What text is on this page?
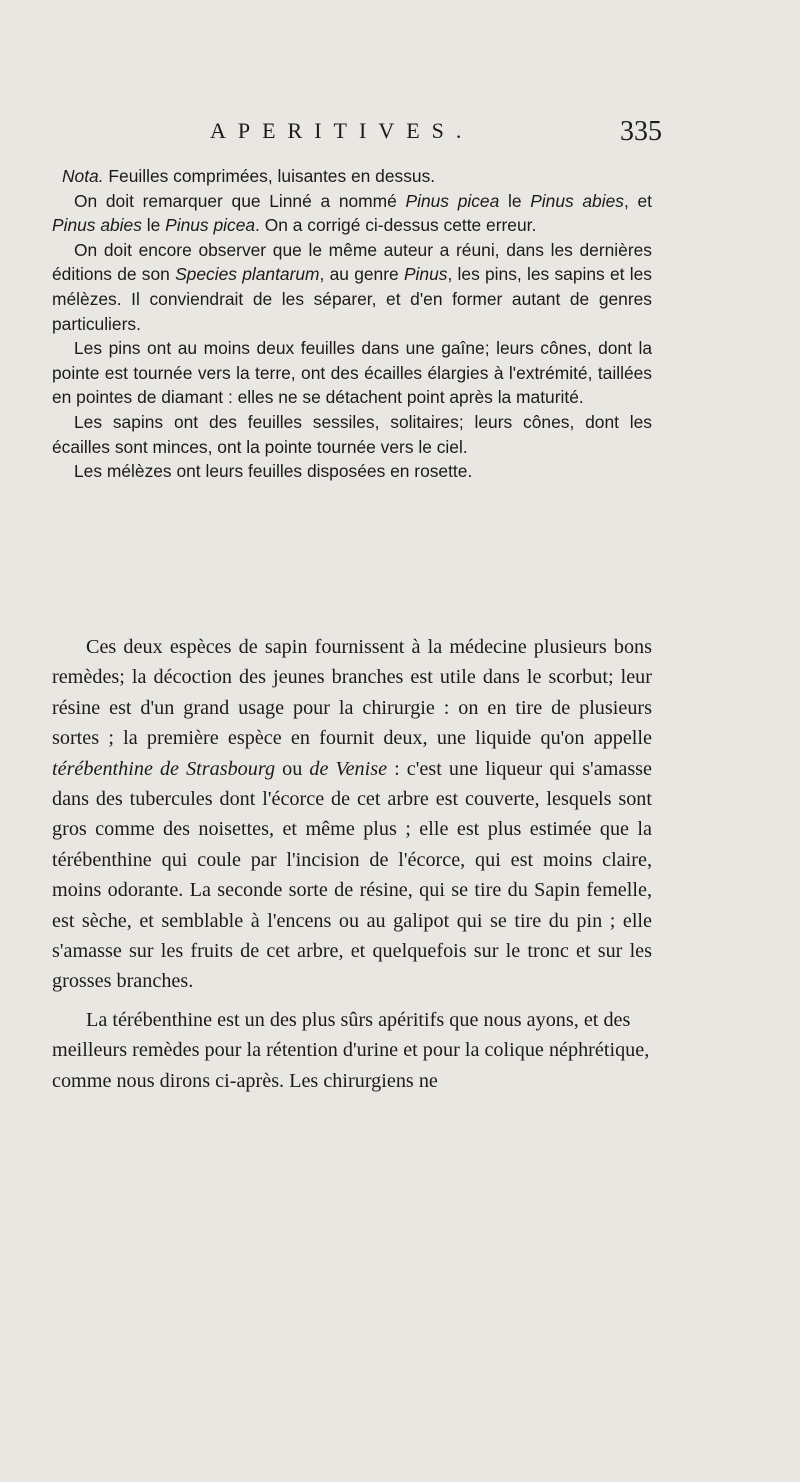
APERITIVES.	335

Nota. Feuilles comprimées, luisantes en dessus.

On doit remarquer que Linné a nommé Pinus picea le Pinus abies, et Pinus abies le Pinus picea. On a corrigé ci-dessus cette erreur.

On doit encore observer que le même auteur a réuni, dans les dernières éditions de son Species plantarum, au genre Pinus, les pins, les sapins et les mélèzes. Il conviendrait de les séparer, et d'en former autant de genres particuliers.

Les pins ont au moins deux feuilles dans une gaîne; leurs cônes, dont la pointe est tournée vers la terre, ont des écailles élargies à l'extrémité, taillées en pointes de diamant : elles ne se détachent point après la maturité.

Les sapins ont des feuilles sessiles, solitaires; leurs cônes, dont les écailles sont minces, ont la pointe tournée vers le ciel.

Les mélèzes ont leurs feuilles disposées en rosette.

Ces deux espèces de sapin fournissent à la médecine plusieurs bons remèdes; la décoction des jeunes branches est utile dans le scorbut; leur résine est d'un grand usage pour la chirurgie : on en tire de plusieurs sortes ; la première espèce en fournit deux, une liquide qu'on appelle térébenthine de Strasbourg ou de Venise : c'est une liqueur qui s'amasse dans des tubercules dont l'écorce de cet arbre est couverte, lesquels sont gros comme des noisettes, et même plus ; elle est plus estimée que la térébenthine qui coule par l'incision de l'écorce, qui est moins claire, moins odorante. La seconde sorte de résine, qui se tire du Sapin femelle, est sèche, et semblable à l'encens ou au galipot qui se tire du pin ; elle s'amasse sur les fruits de cet arbre, et quelquefois sur le tronc et sur les grosses branches.

La térébenthine est un des plus sûrs apéritifs que nous ayons, et des meilleurs remèdes pour la rétention d'urine et pour la colique néphrétique, comme nous dirons ci-après. Les chirurgiens ne
